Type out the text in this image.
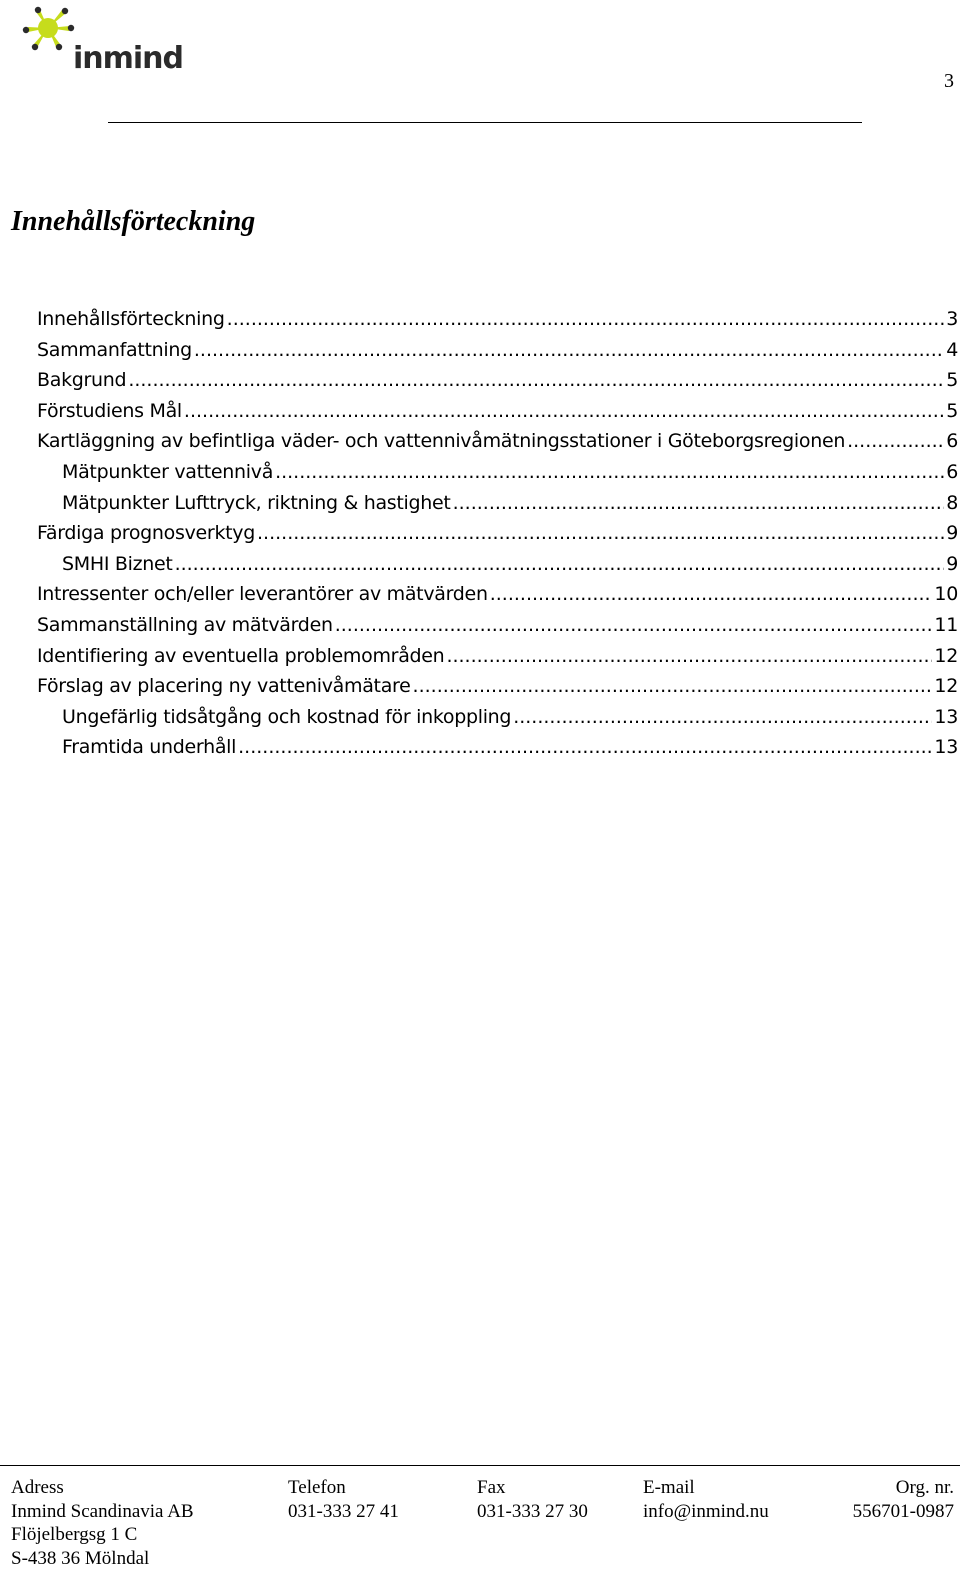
inmind
3
Innehållsförteckning
Innehållsförteckning .....	3
Sammanfattning .....	4
Bakgrund .....	5
Förstudiens Mål .....	5
Kartläggning av befintliga väder- och vattennivåmätningsstationer i Göteborgsregionen .....	6
Mätpunkter vattennivå .....	6
Mätpunkter Lufttryck, riktning & hastighet .....	8
Färdiga prognosverktyg .....	9
SMHI Biznet .....	9
Intressenter och/eller leverantörer av mätvärden .....	10
Sammanställning av mätvärden .....	11
Identifiering av eventuella problemområden .....	12
Förslag av placering ny vattenivåmätare .....	12
Ungefärlig tidsåtgång och kostnad för inkoppling .....	13
Framtida underhåll .....	13
Adress
Inmind Scandinavia AB
Flöjelbergsg 1 C
S-438 36 Mölndal
Telefon
031-333 27 41
Fax
031-333 27 30
E-mail
info@inmind.nu
Org. nr.
556701-0987
